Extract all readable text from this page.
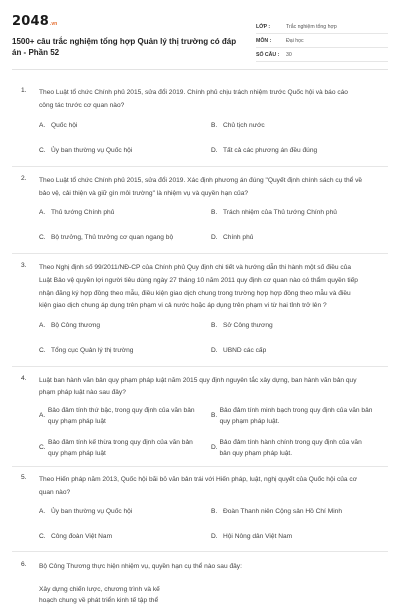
2048 .vn
1500+ câu trắc nghiệm tổng hợp Quản lý thị trường có đáp án - Phần 52
LỚP :	Trắc nghiệm tổng hợp
MÔN :	Đại học
SỐ CÂU :	30
1.	Theo Luật tổ chức Chính phủ 2015, sửa đổi 2019. Chính phủ chịu trách nhiệm trước Quốc hội và báo cáo công tác trước cơ quan nào?
A. Quốc hội	B. Chủ tịch nước
C. Ủy ban thường vụ Quốc hội	D. Tất cả các phương án đều đúng
2.	Theo Luật tổ chức Chính phủ 2015, sửa đổi 2019. Xác định phương án đúng "Quyết định chính sách cụ thể về bảo vệ, cải thiện và giữ gìn môi trường" là nhiệm vụ và quyền hạn của?
A. Thủ tướng Chính phủ	B. Trách nhiệm của Thủ tướng Chính phủ
C. Bộ trưởng, Thủ trưởng cơ quan ngang bộ	D. Chính phủ
3.	Theo Nghị định số 99/2011/NĐ-CP của Chính phủ Quy định chi tiết và hướng dẫn thi hành một số điều của Luật Bảo vệ quyền lợi người tiêu dùng ngày 27 tháng 10 năm 2011 quy định cơ quan nào có thẩm quyền tiếp nhận đăng ký hợp đồng theo mẫu, điều kiện giao dịch chung trong trường hợp hợp đồng theo mẫu và điều kiện giao dịch chung áp dụng trên phạm vi cả nước hoặc áp dụng trên phạm vi từ hai tỉnh trở lên ?
A. Bộ Công thương	B. Sở Công thương
C. Tổng cục Quản lý thị trường	D. UBND các cấp
4.	Luật ban hành văn bản quy phạm pháp luật năm 2015 quy định nguyên tắc xây dựng, ban hành văn bản quy phạm pháp luật nào sau đây?
A.
Bảo đảm tính thứ bậc, trong quy định của văn bản quy phạm pháp luật
B.
Bảo đảm tính minh bạch trong quy định của văn bản quy phạm pháp luật.
C.
Bảo đảm tính kế thừa trong quy định của văn bản quy phạm pháp luật
D.
Bảo đảm tính hành chính trong quy định của văn bản quy phạm pháp luật.
5.	Theo Hiến pháp năm 2013, Quốc hội bãi bỏ văn bản trái với Hiến pháp, luật, nghị quyết của Quốc hội của cơ quan nào?
A. Ủy ban thường vụ Quốc hội	B. Đoàn Thanh niên Cộng sản Hồ Chí Minh
C. Công đoàn Việt Nam	D. Hội Nông dân Việt Nam
6.	Bộ Công Thương thực hiện nhiệm vụ, quyền hạn cụ thể nào sau đây:
Xây dựng chiến lược, chương trình và kế hoạch chung về phát triển kinh tế tập thể
